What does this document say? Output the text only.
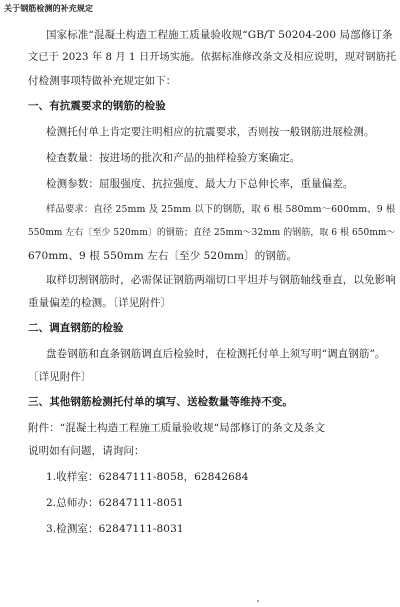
关于钢筋检测的补充规定
国家标准“混凝土构造工程施工质量验收规“GB/T 50204-200 局部修订条
文已于 2023 年 8 月 1 日开场实施。依据标准修改条文及相应说明，现对钢筋托
付检测事项特做补充规定如下：
一、有抗震要求的钢筋的检验
检测托付单上肯定要注明相应的抗震要求，否则按一般钢筋进展检测。
检查数量：按进场的批次和产品的抽样检验方案确定。
检测参数：屈服强度、抗拉强度、最大力下总伸长率，重量偏差。
样品要求：直径 25mm 及 25mm 以下的钢筋，取 6 根 580mm～600mm、9 根
550mm 左右〔至少 520mm〕的钢筋；直径 25mm～32mm 的钢筋，取 6 根 650mm～
670mm、9 根 550mm 左右〔至少 520mm〕的钢筋。
取样切割钢筋时，必需保证钢筋两端切口平坦并与钢筋轴线垂直，以免影响
重量偏差的检测。〔详见附件〕
二、调直钢筋的检验
盘卷钢筋和直条钢筋调直后检验时，在检测托付单上须写明“调直钢筋”。
〔详见附件〕
三、其他钢筋检测托付单的填写、送检数量等维持不变。
附件：“混凝土构造工程施工质量验收规“局部修订的条文及条文
说明如有问题，请询问：
1.收样室：62847111-8058，62842684
2.总师办：62847111-8051
3.检测室：62847111-8031
